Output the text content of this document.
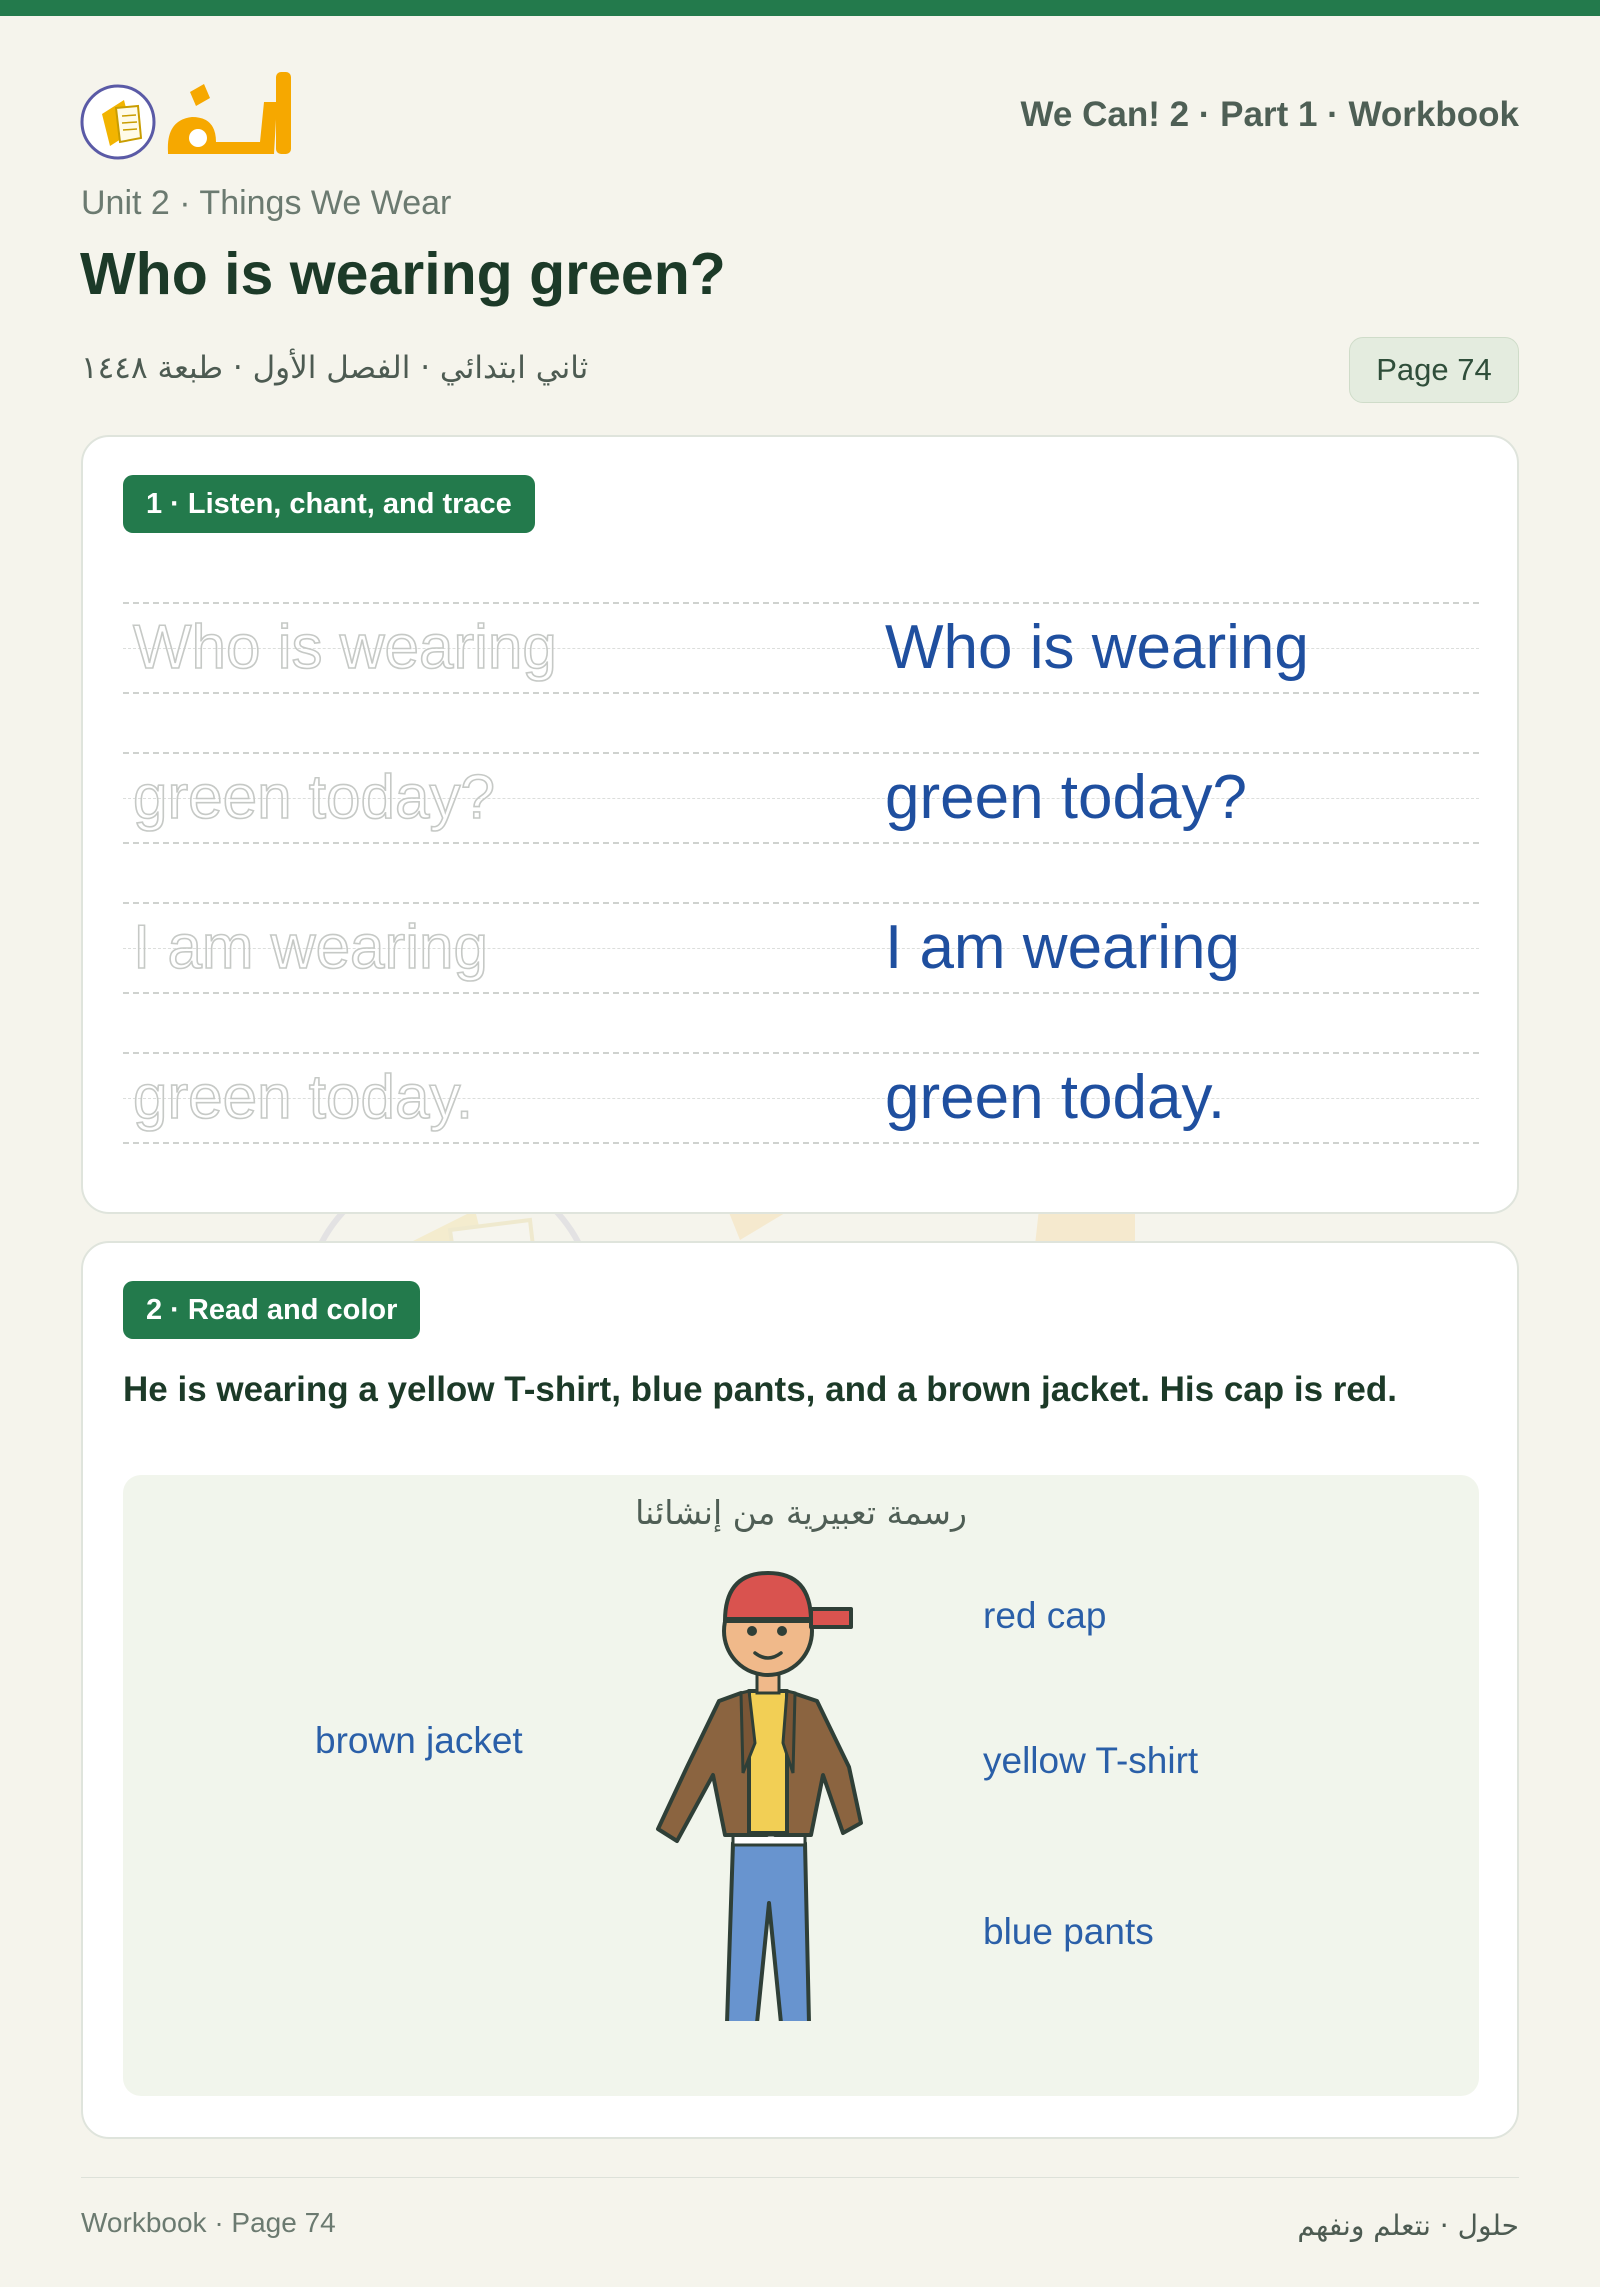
We Can! 2 · Part 1 · Workbook
Unit 2 · Things We Wear
Who is wearing green?
ثاني ابتدائي · الفصل الأول · طبعة ١٤٤٨	Page 74
1 · Listen, chant, and trace
Who is wearing	Who is wearing
green today?	green today?
I am wearing	I am wearing
green today.	green today.
2 · Read and color
He is wearing a yellow T-shirt, blue pants, and a brown jacket. His cap is red.
رسمة تعبيرية من إنشائنا
red cap
yellow T-shirt
blue pants
brown jacket
Workbook · Page 74	حلول · نتعلم ونفهم
